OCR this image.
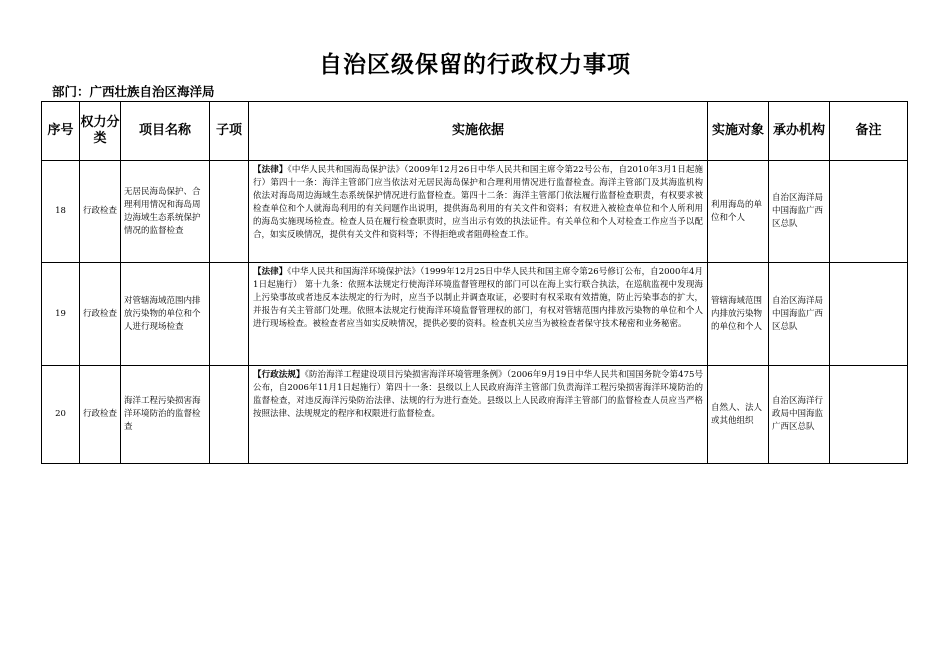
自治区级保留的行政权力事项
部门：广西壮族自治区海洋局
序号	权力分类	项目名称	子项	实施依据	实施对象	承办机构	备注
18	行政检查	无居民海岛保护、合理利用情况和海岛周边海域生态系统保护情况的监督检查		【法律】《中华人民共和国海岛保护法》（2009年12月26日中华人民共和国主席令第22号公布，自2010年3月1日起施行）第四十一条：海洋主管部门应当依法对无居民海岛保护和合理利用情况进行监督检查。海洋主管部门及其海监机构依法对海岛周边海域生态系统保护情况进行监督检查。第四十二条：海洋主管部门依法履行监督检查职责，有权要求被检查单位和个人就海岛利用的有关问题作出说明，提供海岛利用的有关文件和资料；有权进入被检查单位和个人所利用的海岛实施现场检查。检查人员在履行检查职责时，应当出示有效的执法证件。有关单位和个人对检查工作应当予以配合，如实反映情况，提供有关文件和资料等；不得拒绝或者阻碍检查工作。	利用海岛的单位和个人	自治区海洋局中国海监广西区总队	
19	行政检查	对管辖海域范围内排放污染物的单位和个人进行现场检查		【法律】《中华人民共和国海洋环境保护法》（1999年12月25日中华人民共和国主席令第26号修订公布，自2000年4月1日起施行） 第十九条：依照本法规定行使海洋环境监督管理权的部门可以在海上实行联合执法，在巡航监视中发现海上污染事故或者违反本法规定的行为时，应当予以制止并调查取证，必要时有权采取有效措施，防止污染事态的扩大，并报告有关主管部门处理。依照本法规定行使海洋环境监督管理权的部门，有权对管辖范围内排放污染物的单位和个人进行现场检查。被检查者应当如实反映情况，提供必要的资料。检查机关应当为被检查者保守技术秘密和业务秘密。	管辖海域范围内排放污染物的单位和个人	自治区海洋局中国海监广西区总队	
20	行政检查	海洋工程污染损害海洋环境防治的监督检查		【行政法规】《防治海洋工程建设项目污染损害海洋环境管理条例》（2006年9月19日中华人民共和国国务院令第475号公布，自2006年11月1日起施行）第四十一条：县级以上人民政府海洋主管部门负责海洋工程污染损害海洋环境防治的监督检查，对违反海洋污染防治法律、法规的行为进行查处。县级以上人民政府海洋主管部门的监督检查人员应当严格按照法律、法规规定的程序和权限进行监督检查。	自然人、法人或其他组织	自治区海洋行政局中国海监广西区总队	
